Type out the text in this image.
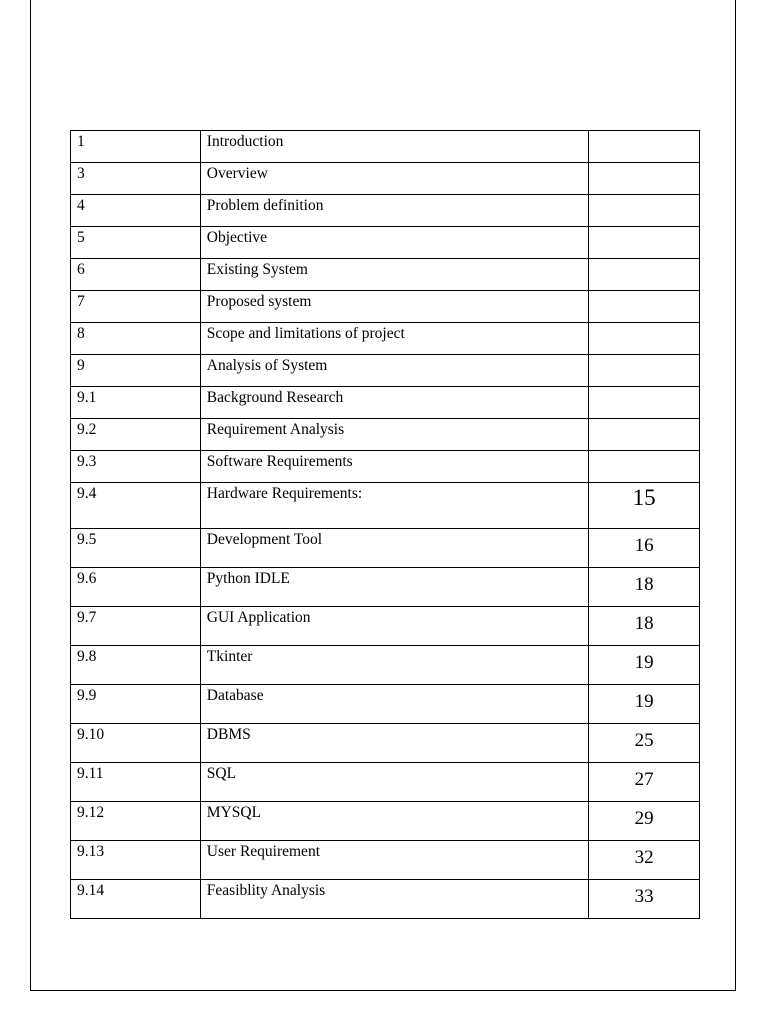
1	Introduction	

3	Overview	

4	Problem definition	

5	Objective	

6	Existing System	

7	Proposed system	

8	Scope and limitations of project	

9	Analysis of System	

9.1	Background Research	

9.2	Requirement Analysis	

9.3	Software Requirements	

9.4	Hardware Requirements:	15

9.5	Development Tool	16

9.6	Python IDLE	18

9.7	GUI Application	18

9.8	Tkinter	19

9.9	Database	19

9.10	DBMS	25

9.11	SQL	27

9.12	MYSQL	29

9.13	User Requirement	32

9.14	Feasiblity Analysis	33
